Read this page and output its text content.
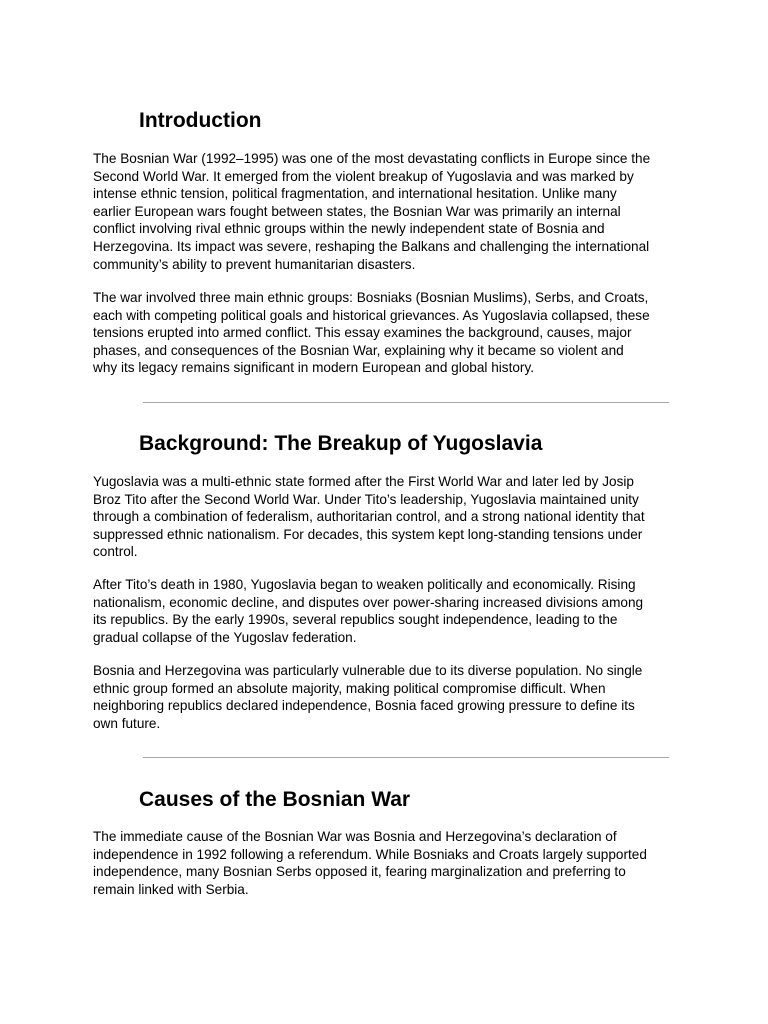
Introduction

The Bosnian War (1992–1995) was one of the most devastating conflicts in Europe since the
Second World War. It emerged from the violent breakup of Yugoslavia and was marked by
intense ethnic tension, political fragmentation, and international hesitation. Unlike many
earlier European wars fought between states, the Bosnian War was primarily an internal
conflict involving rival ethnic groups within the newly independent state of Bosnia and
Herzegovina. Its impact was severe, reshaping the Balkans and challenging the international
community’s ability to prevent humanitarian disasters.

The war involved three main ethnic groups: Bosniaks (Bosnian Muslims), Serbs, and Croats,
each with competing political goals and historical grievances. As Yugoslavia collapsed, these
tensions erupted into armed conflict. This essay examines the background, causes, major
phases, and consequences of the Bosnian War, explaining why it became so violent and
why its legacy remains significant in modern European and global history.

Background: The Breakup of Yugoslavia

Yugoslavia was a multi-ethnic state formed after the First World War and later led by Josip
Broz Tito after the Second World War. Under Tito’s leadership, Yugoslavia maintained unity
through a combination of federalism, authoritarian control, and a strong national identity that
suppressed ethnic nationalism. For decades, this system kept long-standing tensions under
control.

After Tito’s death in 1980, Yugoslavia began to weaken politically and economically. Rising
nationalism, economic decline, and disputes over power-sharing increased divisions among
its republics. By the early 1990s, several republics sought independence, leading to the
gradual collapse of the Yugoslav federation.

Bosnia and Herzegovina was particularly vulnerable due to its diverse population. No single
ethnic group formed an absolute majority, making political compromise difficult. When
neighboring republics declared independence, Bosnia faced growing pressure to define its
own future.

Causes of the Bosnian War

The immediate cause of the Bosnian War was Bosnia and Herzegovina’s declaration of
independence in 1992 following a referendum. While Bosniaks and Croats largely supported
independence, many Bosnian Serbs opposed it, fearing marginalization and preferring to
remain linked with Serbia.
